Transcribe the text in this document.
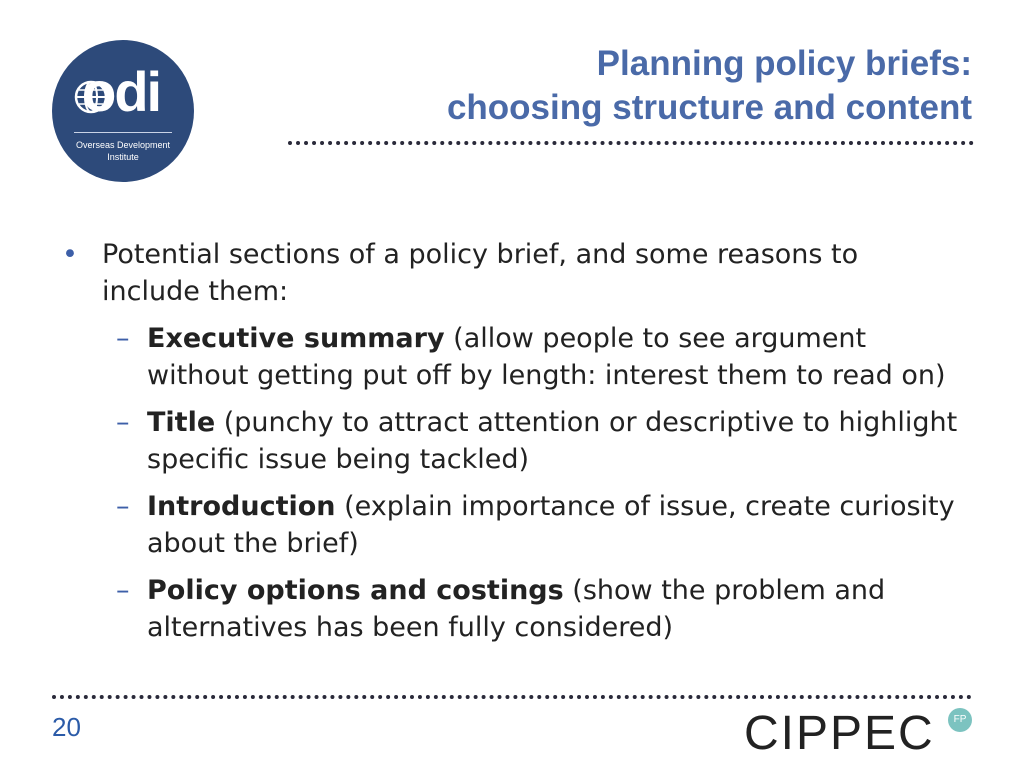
odi
Overseas Development
Institute
Planning policy briefs:
choosing structure and content
• Potential sections of a policy brief, and some reasons to include them:
– Executive summary (allow people to see argument without getting put off by length: interest them to read on)
– Title (punchy to attract attention or descriptive to highlight specific issue being tackled)
– Introduction (explain importance of issue, create curiosity about the brief)
– Policy options and costings (show the problem and alternatives has been fully considered)
20	CIPPEC	FP
